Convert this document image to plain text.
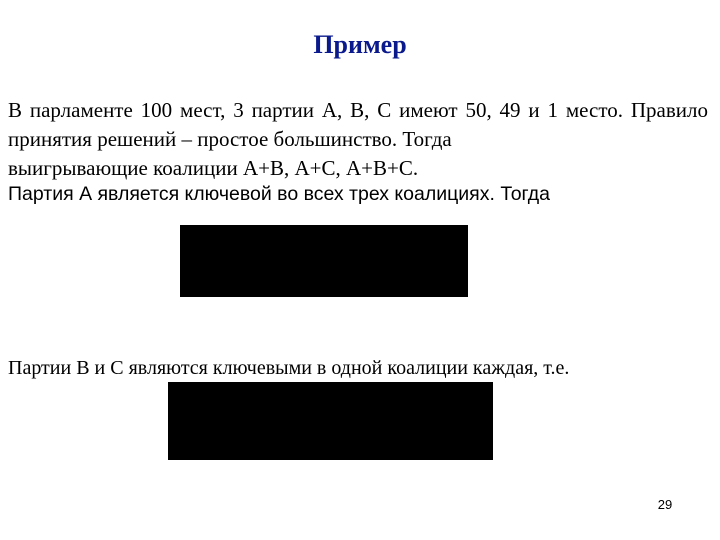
Пример

В парламенте 100 мест, 3 партии А, В, С имеют 50, 49 и 1 место. Правило принятия решений – простое большинство. Тогда
выигрывающие коалиции А+В, А+С, А+В+С.

Партия А является ключевой во всех трех коалициях. Тогда

Партии В и С являются ключевыми в одной коалиции каждая, т.е.

29
